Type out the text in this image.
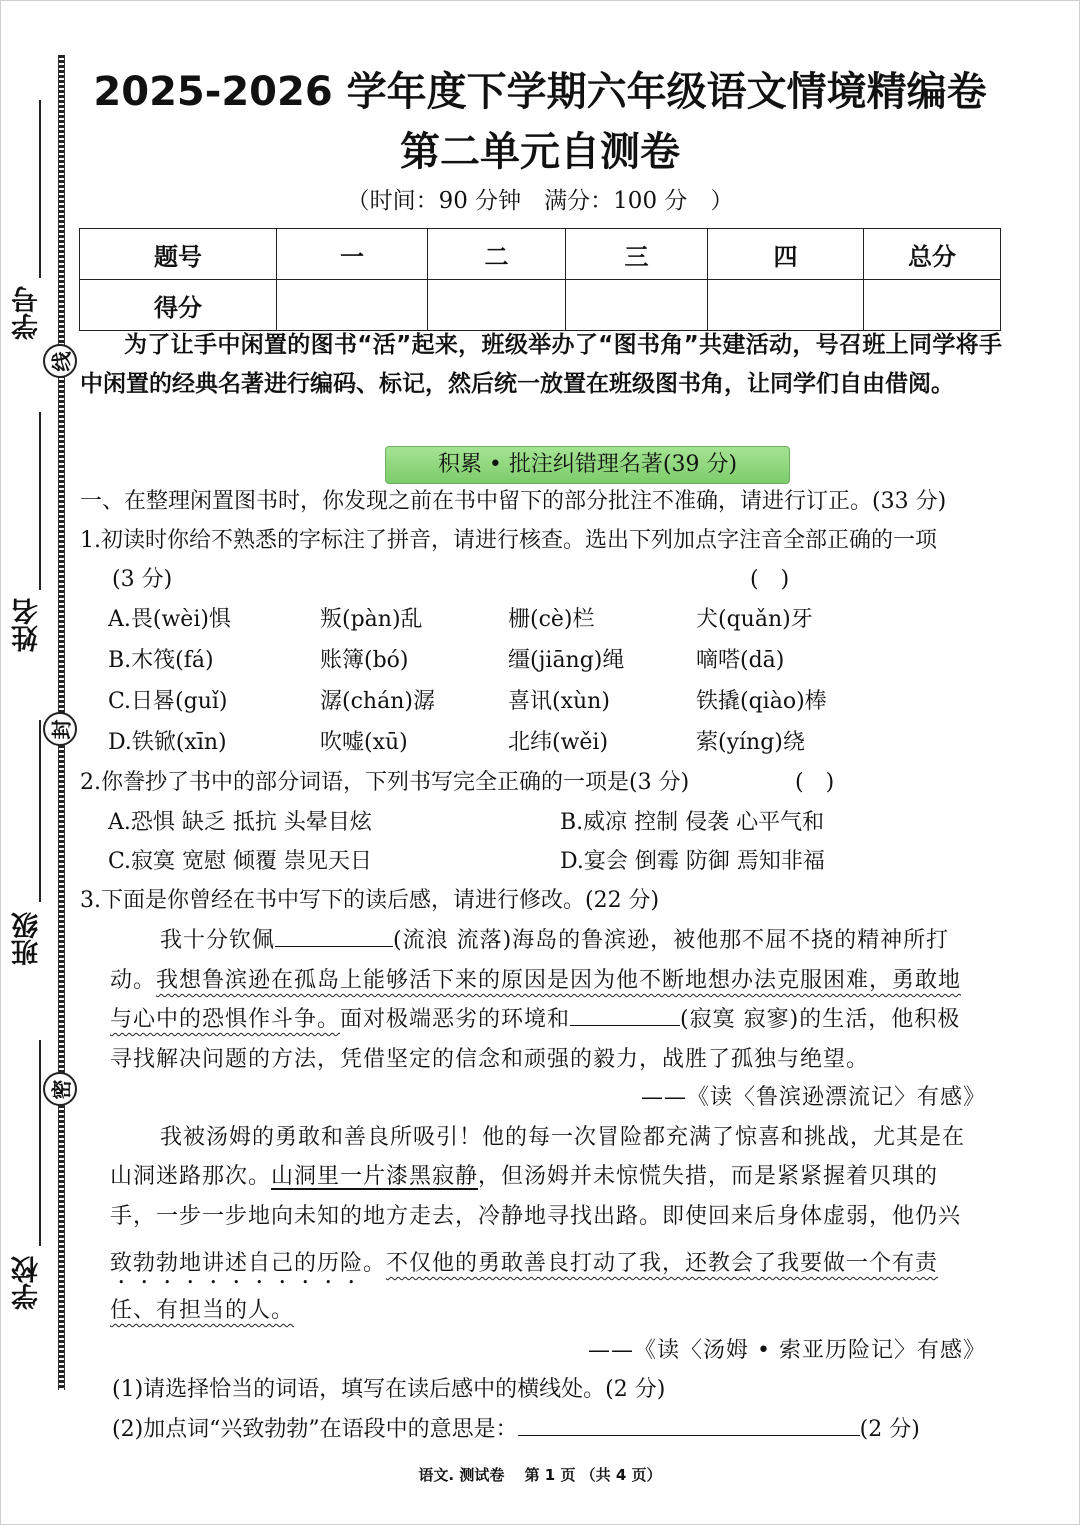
学号
姓名
班级
学校
线
封
密
2025-2026 学年度下学期六年级语文情境精编卷
第二单元自测卷
（时间：90 分钟　满分：100 分　）
题号	一	二	三	四	总分
得分					
为了让手中闲置的图书“活”起来，班级举办了“图书角”共建活动，号召班上同学将手中闲置的经典名著进行编码、标记，然后统一放置在班级图书角，让同学们自由借阅。
积累 • 批注纠错理名著(39 分)
一、在整理闲置图书时，你发现之前在书中留下的部分批注不准确，请进行订正。(33 分)
1.初读时你给不熟悉的字标注了拼音，请进行核查。选出下列加点字注音全部正确的一项
(3 分)	(　)
A.畏(wèi)惧	叛(pàn)乱	栅(cè)栏	犬(quǎn)牙
B.木筏(fá)	账簿(bó)	缰(jiāng)绳	嘀嗒(dā)
C.日晷(guǐ)	潺(chán)潺	喜讯(xùn)	铁撬(qiào)棒
D.铁锨(xīn)	吹嘘(xū)	北纬(wěi)	萦(yíng)绕
2.你誊抄了书中的部分词语，下列书写完全正确的一项是(3 分)	(　)
A.恐惧 缺乏 抵抗 头晕目炫	B.威凉 控制 侵袭 心平气和
C.寂寞 宽慰 倾覆 崇见天日	D.宴会 倒霉 防御 焉知非福
3.下面是你曾经在书中写下的读后感，请进行修改。(22 分)
我十分钦佩	(流浪 流落)海岛的鲁滨逊，被他那不屈不挠的精神所打
动。我想鲁滨逊在孤岛上能够活下来的原因是因为他不断地想办法克服困难，勇敢地
与心中的恐惧作斗争。面对极端恶劣的环境和	(寂寞 寂寥)的生活，他积极
寻找解决问题的方法，凭借坚定的信念和顽强的毅力，战胜了孤独与绝望。
——《读〈鲁滨逊漂流记〉有感》
我被汤姆的勇敢和善良所吸引！他的每一次冒险都充满了惊喜和挑战，尤其是在
山洞迷路那次。山洞里一片漆黑寂静，但汤姆并未惊慌失措，而是紧紧握着贝琪的
手，一步一步地向未知的地方走去，冷静地寻找出路。即使回来后身体虚弱，他仍兴
致勃勃地讲述自己的历险。不仅他的勇敢善良打动了我，还教会了我要做一个有责
任、有担当的人。
——《读〈汤姆 • 索亚历险记〉有感》
(1)请选择恰当的词语，填写在读后感中的横线处。(2 分)
(2)加点词“兴致勃勃”在语段中的意思是：	(2 分)
语文. 测试卷　 第 1 页 （共 4 页）
